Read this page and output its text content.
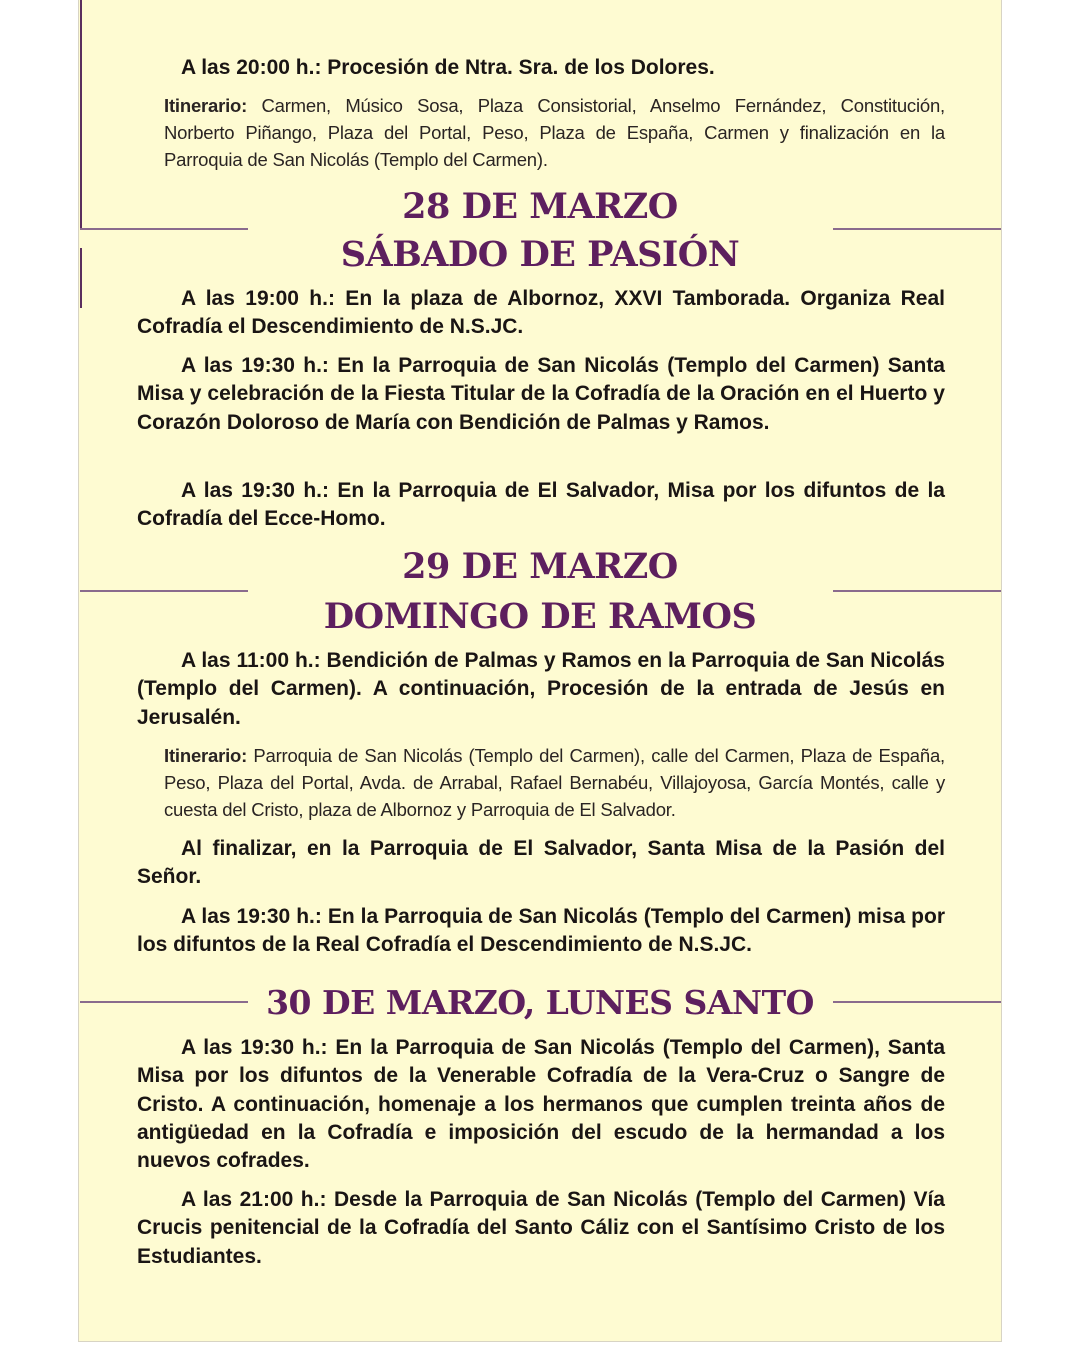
A las 20:00 h.: Procesión de Ntra. Sra. de los Dolores.

Itinerario: Carmen, Músico Sosa, Plaza Consistorial, Anselmo Fernández, Constitución, Norberto Piñango, Plaza del Portal, Peso, Plaza de España, Carmen y finalización en la Parroquia de San Nicolás (Templo del Carmen).

28 DE MARZO
SÁBADO DE PASIÓN

A las 19:00 h.: En la plaza de Albornoz, XXVI Tamborada. Organiza Real Cofradía el Descendimiento de N.S.JC.

A las 19:30 h.: En la Parroquia de San Nicolás (Templo del Carmen) Santa Misa y celebración de la Fiesta Titular de la Cofradía de la Oración en el Huerto y Corazón Doloroso de María con Bendición de Palmas y Ramos.

A las 19:30 h.: En la Parroquia de El Salvador, Misa por los difuntos de la Cofradía del Ecce-Homo.

29 DE MARZO
DOMINGO DE RAMOS

A las 11:00 h.: Bendición de Palmas y Ramos en la Parroquia de San Nicolás (Templo del Carmen). A continuación, Procesión de la entrada de Jesús en Jerusalén.

Itinerario: Parroquia de San Nicolás (Templo del Carmen), calle del Carmen, Plaza de España, Peso, Plaza del Portal, Avda. de Arrabal, Rafael Bernabéu, Villajoyosa, García Montés, calle y cuesta del Cristo, plaza de Albornoz y Parroquia de El Salvador.

Al finalizar, en la Parroquia de El Salvador, Santa Misa de la Pasión del Señor.

A las 19:30 h.: En la Parroquia de San Nicolás (Templo del Carmen) misa por los difuntos de la Real Cofradía el Descendimiento de N.S.JC.

30 DE MARZO, LUNES SANTO

A las 19:30 h.: En la Parroquia de San Nicolás (Templo del Carmen), Santa Misa por los difuntos de la Venerable Cofradía de la Vera-Cruz o Sangre de Cristo. A continuación, homenaje a los hermanos que cumplen treinta años de antigüedad en la Cofradía e imposición del escudo de la hermandad a los nuevos cofrades.

A las 21:00 h.: Desde la Parroquia de San Nicolás (Templo del Carmen) Vía Crucis penitencial de la Cofradía del Santo Cáliz con el Santísimo Cristo de los Estudiantes.
